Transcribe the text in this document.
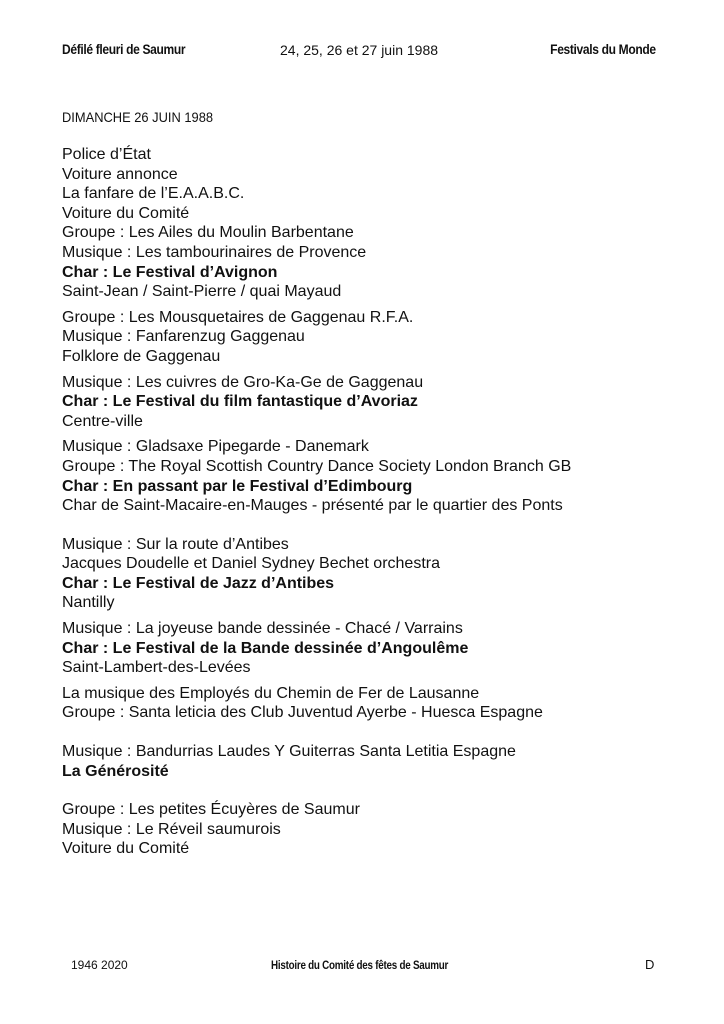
Défilé fleuri de Saumur	24, 25, 26 et 27 juin 1988	Festivals du Monde
DIMANCHE 26 JUIN 1988
Police d’État
Voiture annonce
La fanfare de l’E.A.A.B.C.
Voiture du Comité
Groupe : Les Ailes du Moulin Barbentane
Musique : Les tambourinaires de Provence
Char : Le Festival d’Avignon
Saint-Jean / Saint-Pierre / quai Mayaud
Groupe : Les Mousquetaires de Gaggenau R.F.A.
Musique : Fanfarenzug Gaggenau
Folklore de Gaggenau
Musique : Les cuivres de Gro-Ka-Ge de Gaggenau
Char : Le Festival du film fantastique d’Avoriaz
Centre-ville
Musique : Gladsaxe Pipegarde - Danemark
Groupe : The Royal Scottish Country Dance Society London Branch GB
Char : En passant par le Festival d’Edimbourg
Char de Saint-Macaire-en-Mauges - présenté par le quartier des Ponts
Musique : Sur la route d’Antibes
Jacques Doudelle et Daniel Sydney Bechet orchestra
Char : Le Festival de Jazz d’Antibes
Nantilly
Musique : La joyeuse bande dessinée - Chacé / Varrains
Char : Le Festival de la Bande dessinée d’Angoulême
Saint-Lambert-des-Levées
La musique des Employés du Chemin de Fer de Lausanne
Groupe : Santa leticia des Club Juventud Ayerbe - Huesca Espagne
Musique : Bandurrias Laudes Y Guiterras Santa Letitia Espagne
La Générosité
Groupe : Les petites Écuyères de Saumur
Musique : Le Réveil saumurois
Voiture du Comité
1946 2020	Histoire du Comité des fêtes de Saumur	D
